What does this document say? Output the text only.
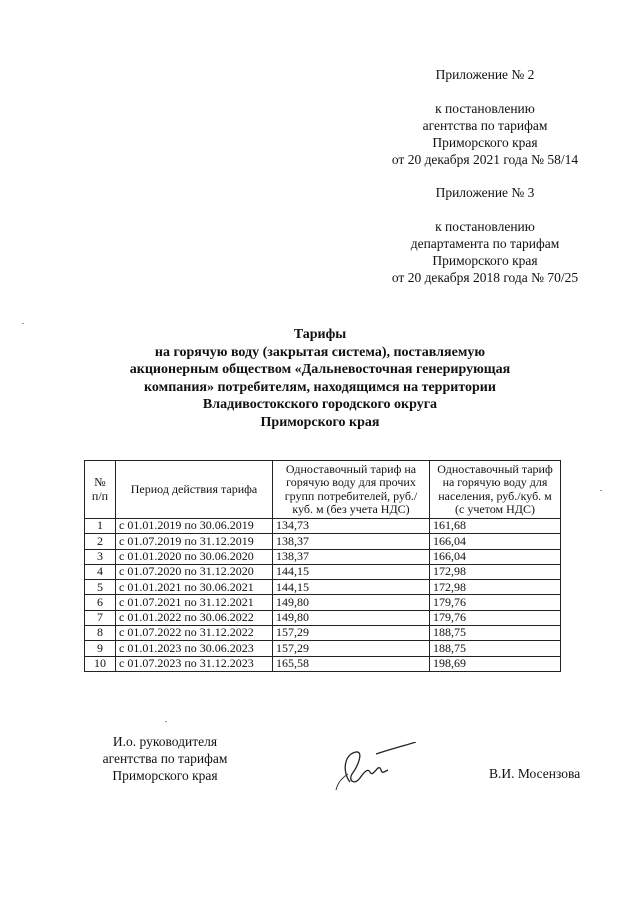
Приложение № 2

к постановлению

агентства по тарифам

Приморского края

от 20 декабря 2021 года № 58/14

Приложение № 3

к постановлению

департамента по тарифам

Приморского края

от 20 декабря 2018 года № 70/25

Тарифы

на горячую воду (закрытая система), поставляемую

акционерным обществом «Дальневосточная генерирующая

компания» потребителям, находящимся на территории

Владивостокского городского округа

Приморского края

№ п/п	Период действия тарифа	Одноставочный тариф на горячую воду для прочих групп потребителей, руб./куб. м (без учета НДС)	Одноставочный тариф на горячую воду для населения, руб./куб. м (с учетом НДС)
1	с 01.01.2019 по 30.06.2019	134,73	161,68
2	с 01.07.2019 по 31.12.2019	138,37	166,04
3	с 01.01.2020 по 30.06.2020	138,37	166,04
4	с 01.07.2020 по 31.12.2020	144,15	172,98
5	с 01.01.2021 по 30.06.2021	144,15	172,98
6	с 01.07.2021 по 31.12.2021	149,80	179,76
7	с 01.01.2022 по 30.06.2022	149,80	179,76
8	с 01.07.2022 по 31.12.2022	157,29	188,75
9	с 01.01.2023 по 30.06.2023	157,29	188,75
10	с 01.07.2023 по 31.12.2023	165,58	198,69

И.о. руководителя

агентства по тарифам

Приморского края	В.И. Мосензова
